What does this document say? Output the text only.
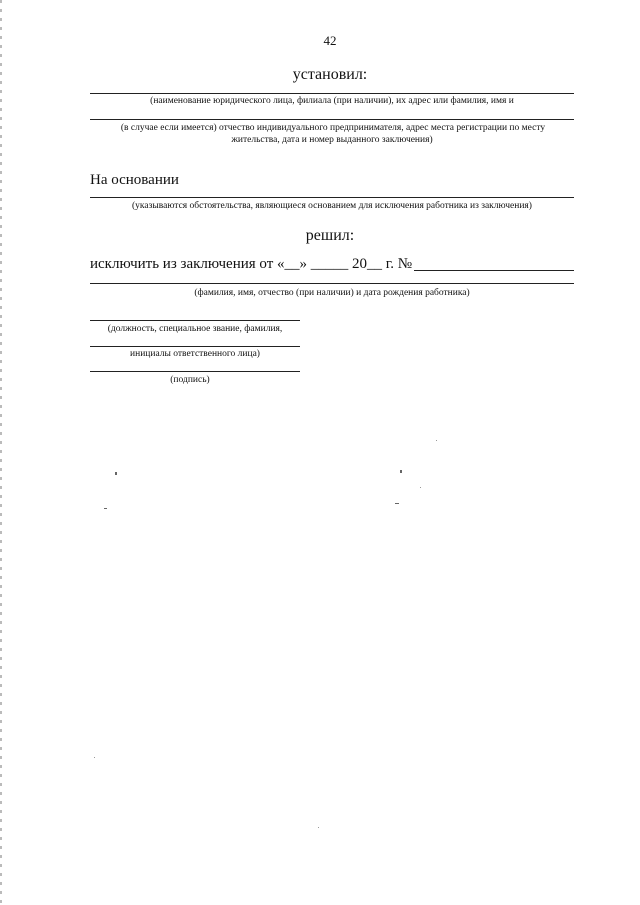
42
установил:
(наименование юридического лица, филиала (при наличии), их адрес или фамилия, имя и
(в случае если имеется) отчество индивидуального предпринимателя, адрес места регистрации по месту
жительства, дата и номер выданного заключения)
На основании
(указываются обстоятельства, являющиеся основанием для исключения работника из заключения)
решил:
исключить из заключения от «__» _____ 20__ г. №
(фамилия, имя, отчество (при наличии) и дата рождения работника)
(должность, специальное звание, фамилия,
инициалы ответственного лица)
(подпись)
